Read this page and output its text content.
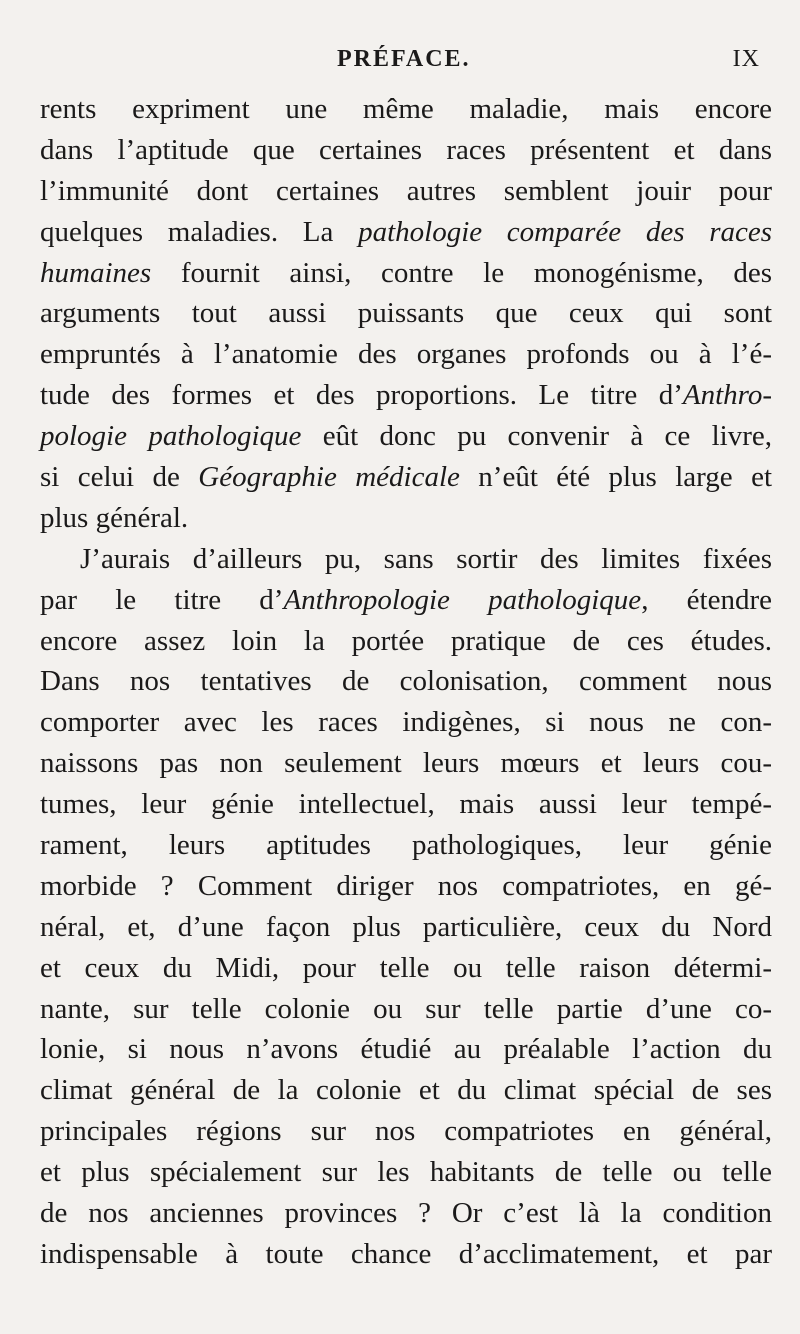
PRÉFACE.	IX
rents expriment une même maladie, mais encore
dans l’aptitude que certaines races présentent et dans
l’immunité dont certaines autres semblent jouir pour
quelques maladies. La pathologie comparée des races
humaines fournit ainsi, contre le monogénisme, des
arguments tout aussi puissants que ceux qui sont
empruntés à l’anatomie des organes profonds ou à l’é-
tude des formes et des proportions. Le titre d’Anthro-
pologie pathologique eût donc pu convenir à ce livre,
si celui de Géographie médicale n’eût été plus large et
plus général.
J’aurais d’ailleurs pu, sans sortir des limites fixées
par le titre d’Anthropologie pathologique, étendre
encore assez loin la portée pratique de ces études.
Dans nos tentatives de colonisation, comment nous
comporter avec les races indigènes, si nous ne con-
naissons pas non seulement leurs mœurs et leurs cou-
tumes, leur génie intellectuel, mais aussi leur tempé-
rament, leurs aptitudes pathologiques, leur génie
morbide ? Comment diriger nos compatriotes, en gé-
néral, et, d’une façon plus particulière, ceux du Nord
et ceux du Midi, pour telle ou telle raison détermi-
nante, sur telle colonie ou sur telle partie d’une co-
lonie, si nous n’avons étudié au préalable l’action du
climat général de la colonie et du climat spécial de ses
principales régions sur nos compatriotes en général,
et plus spécialement sur les habitants de telle ou telle
de nos anciennes provinces ? Or c’est là la condition
indispensable à toute chance d’acclimatement, et par
